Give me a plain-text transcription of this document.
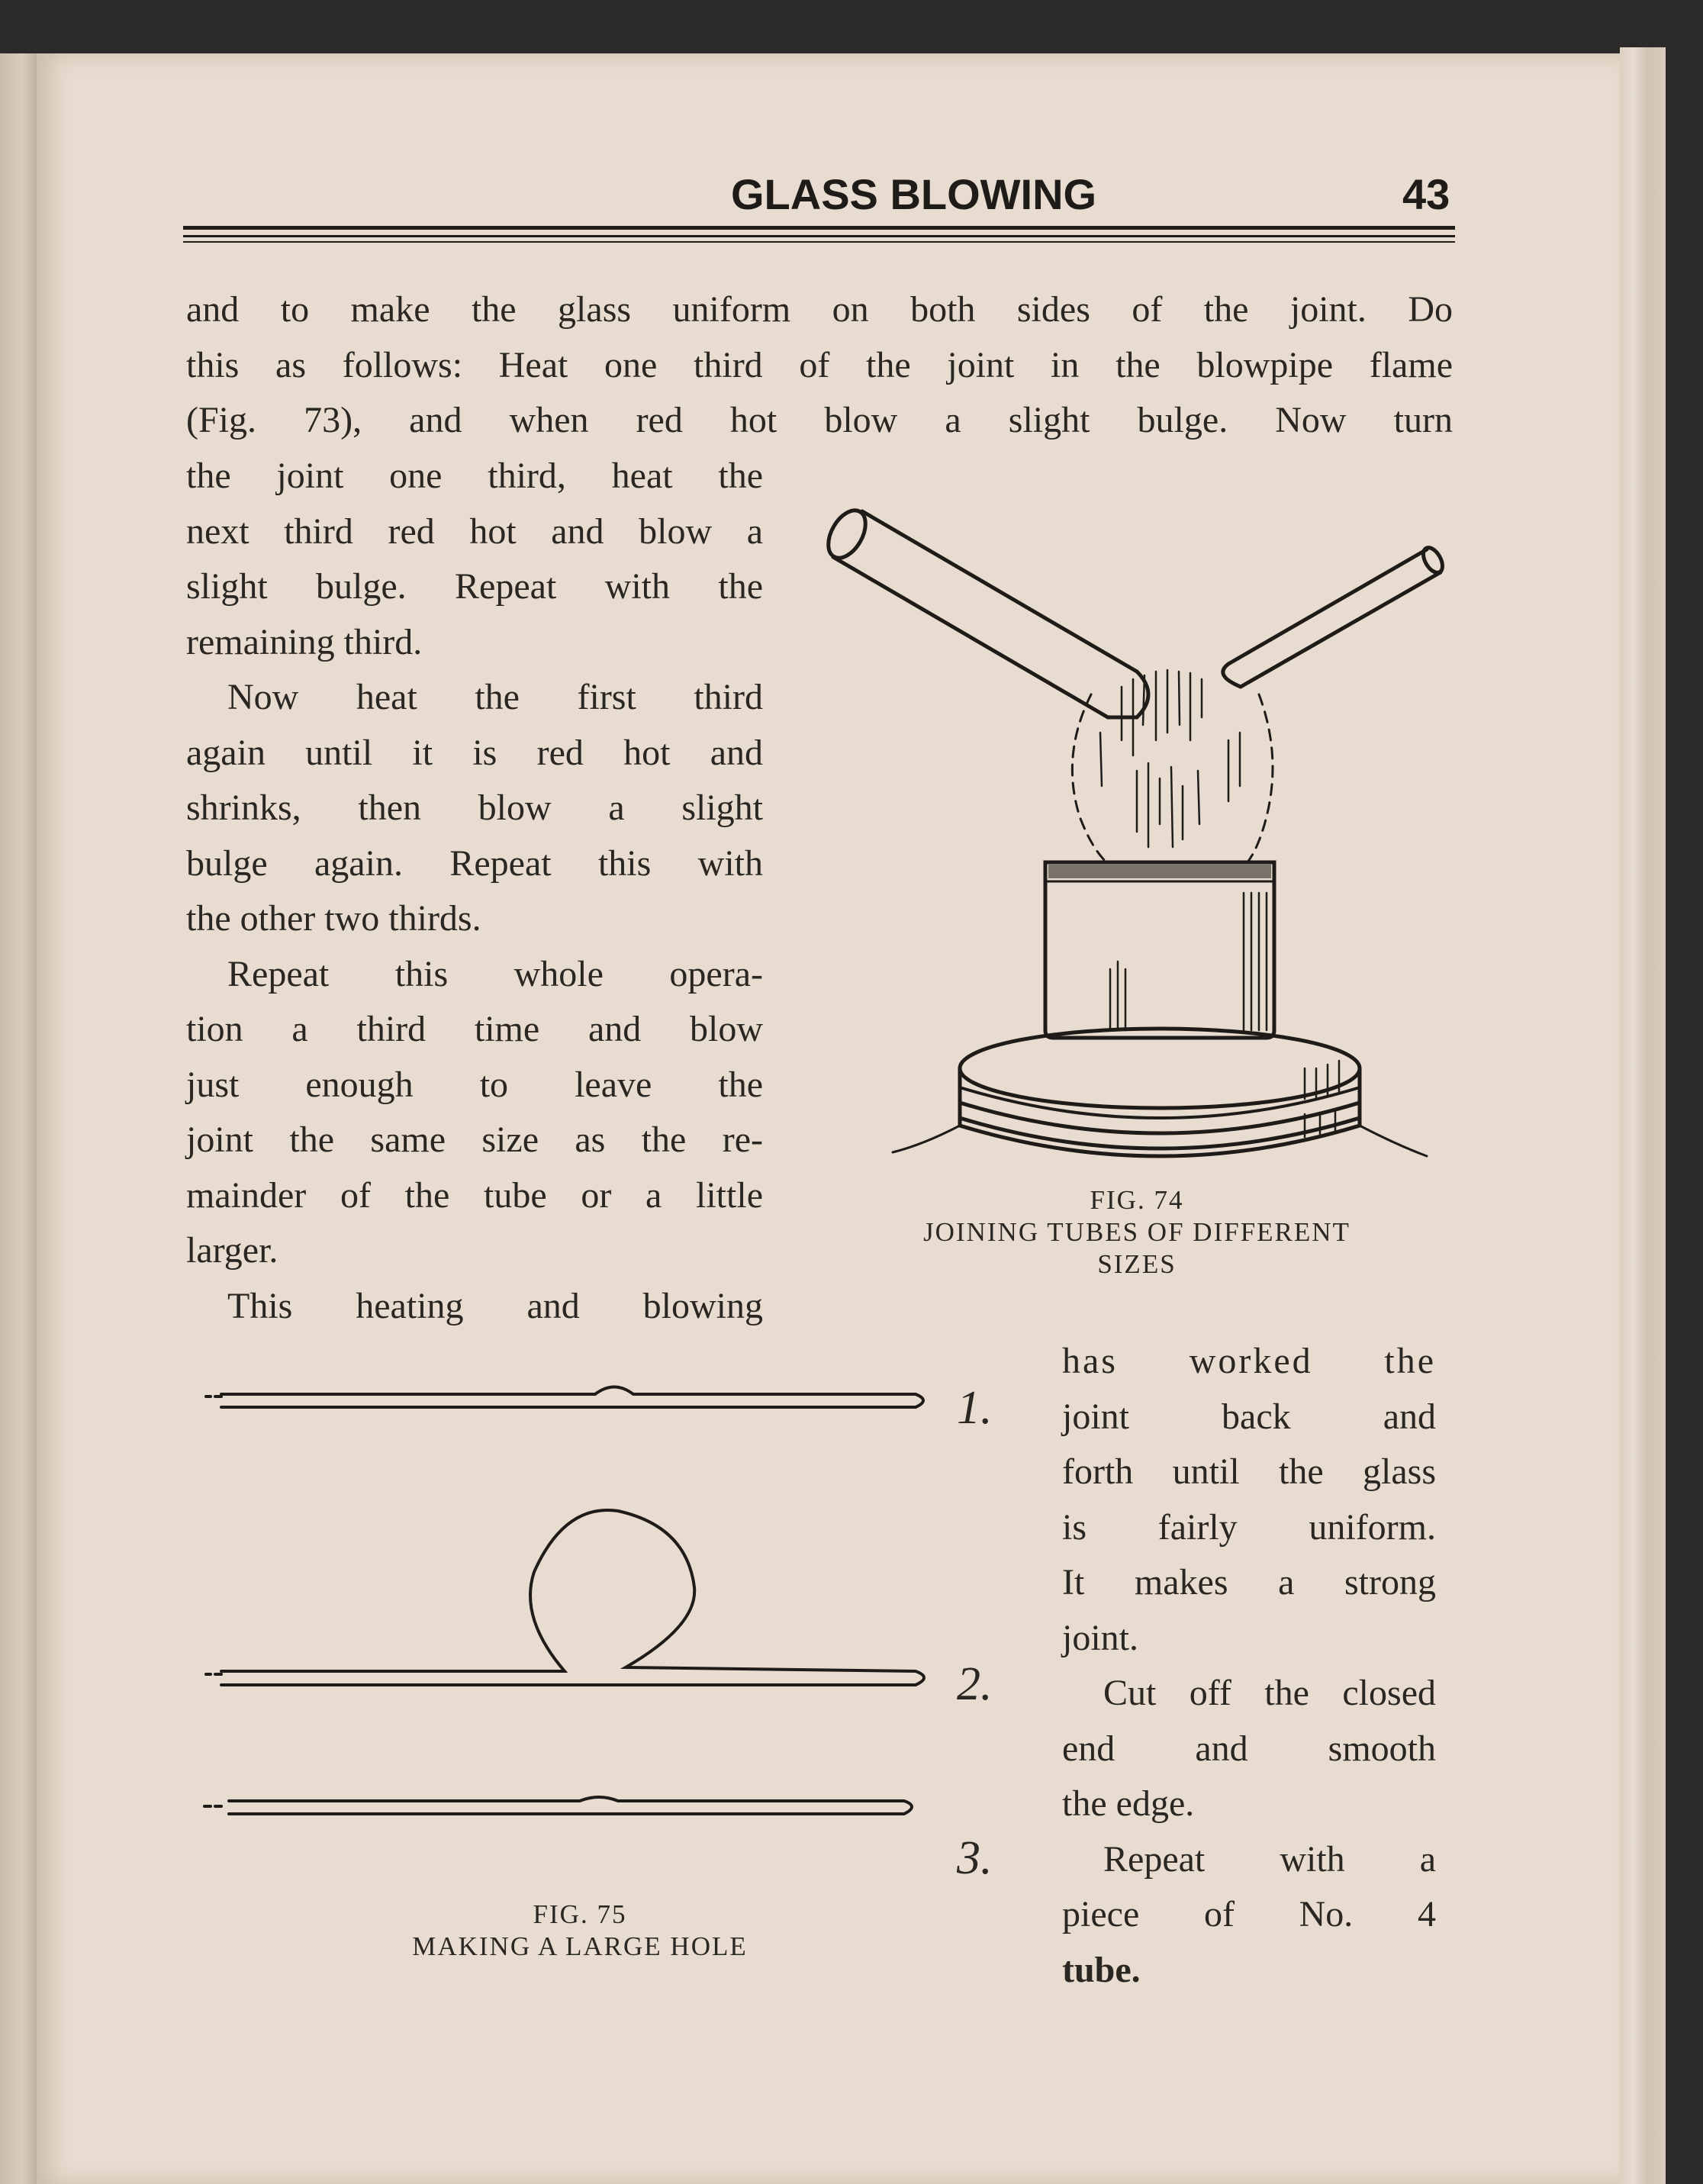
GLASS BLOWING	43
and to make the glass uniform on both sides of the joint. Do
this as follows: Heat one third of the joint in the blowpipe flame
(Fig. 73), and when red hot blow a slight bulge. Now turn
the joint one third, heat the
next third red hot and blow a
slight bulge. Repeat with the
remaining third.
Now heat the first third
again until it is red hot and
shrinks, then blow a slight
bulge again. Repeat this with
the other two thirds.
Repeat this whole opera-
tion a third time and blow
just enough to leave the
joint the same size as the re-
mainder of the tube or a little
larger.
This heating and blowing
has worked the
joint back and
forth until the glass
is fairly uniform.
It makes a strong
joint.
Cut off the closed
end and smooth
the edge.
Repeat with a
piece of No. 4
tube.
FIG. 74
JOINING TUBES OF DIFFERENT
SIZES
1.
2.
3.
FIG. 75
MAKING A LARGE HOLE
